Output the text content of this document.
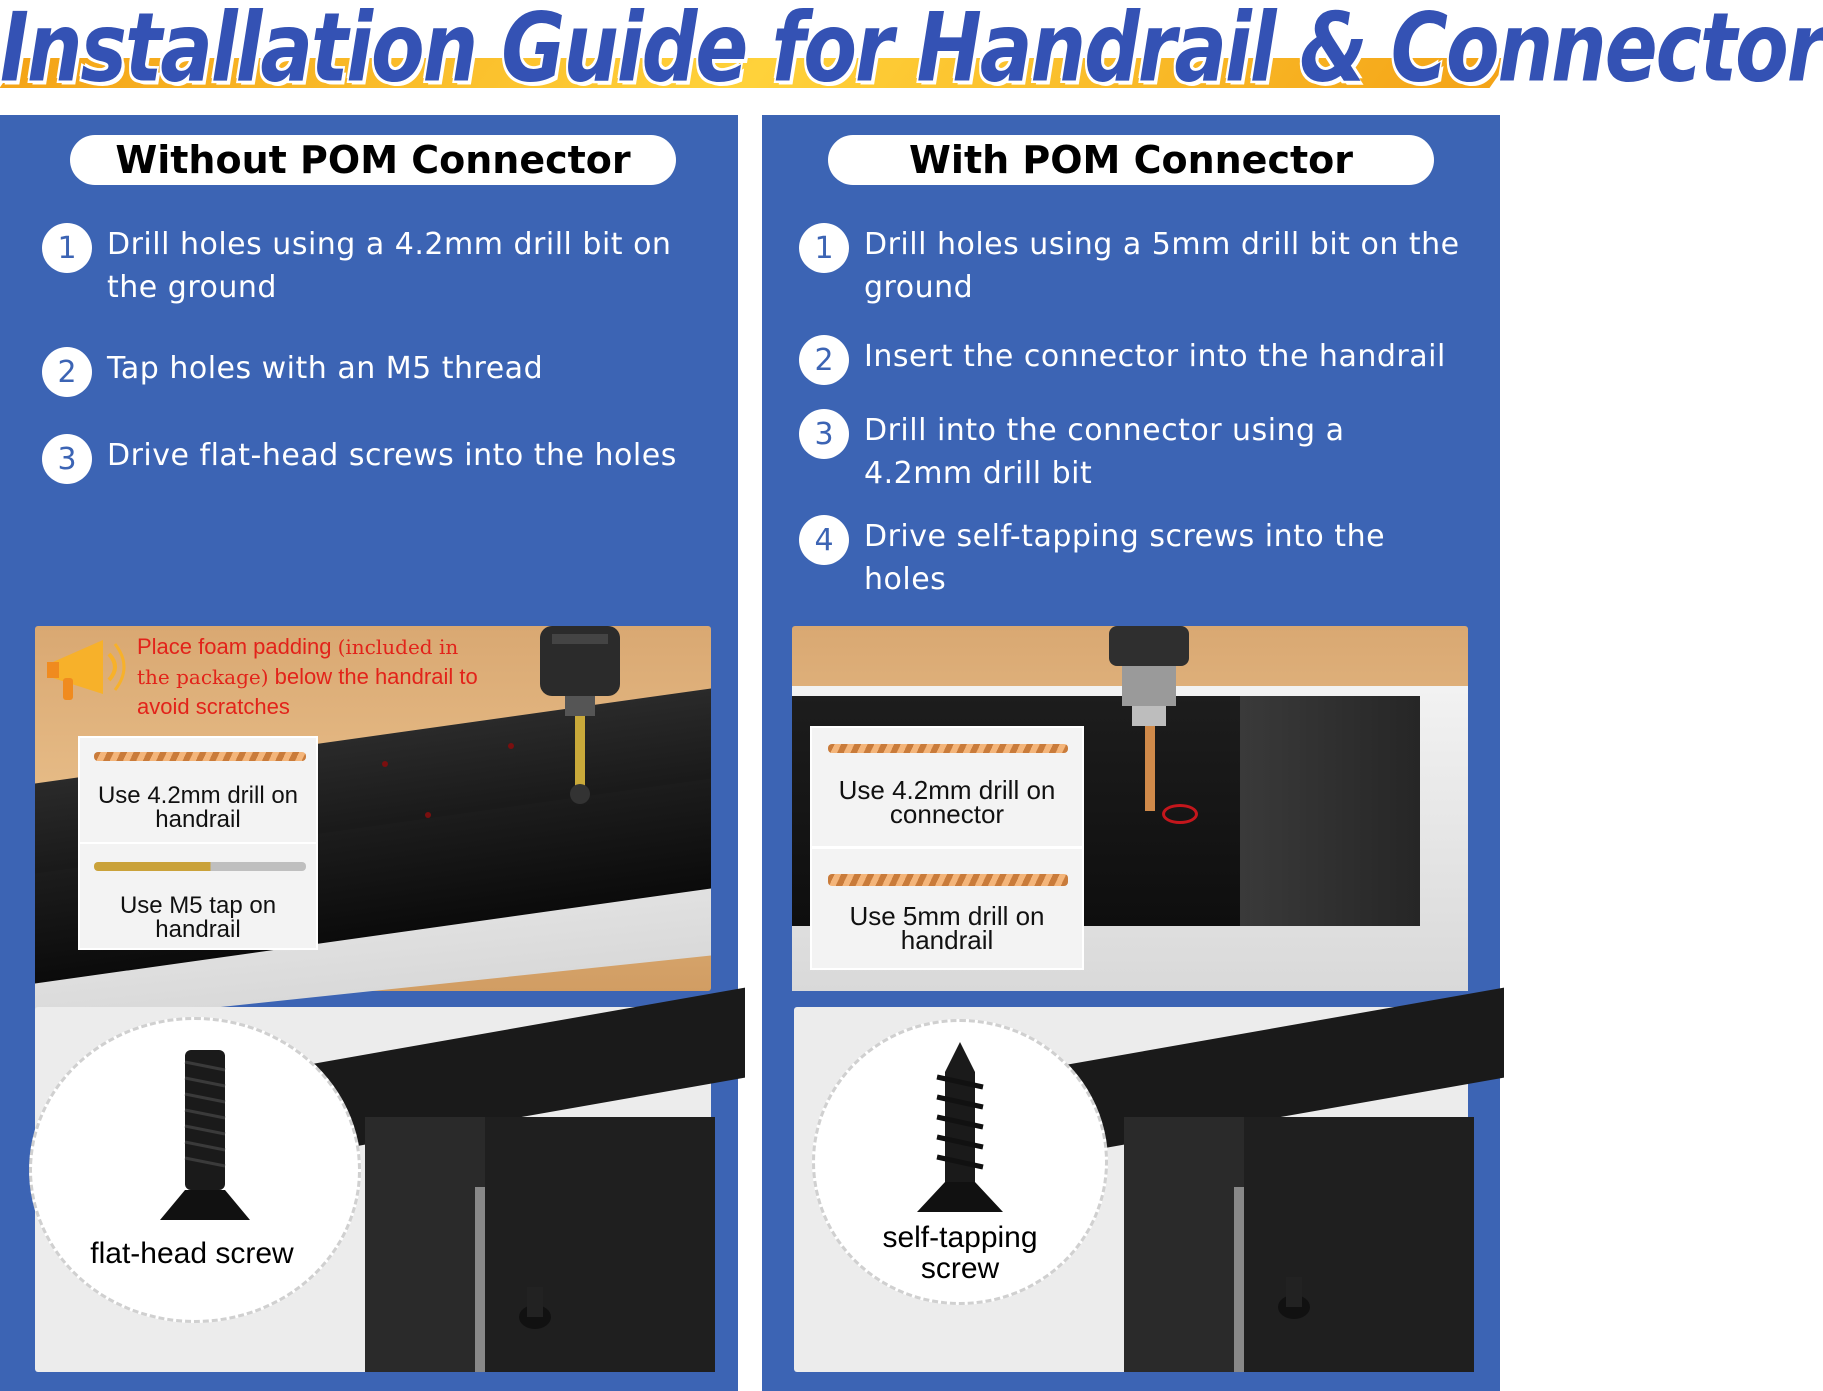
Installation Guide for Handrail & Connector
Without POM Connector
1	Drill holes using a 4.2mm drill bit on the ground
2	Tap holes with an M5 thread
3	Drive flat-head screws into the holes
Place foam padding (included in the package) below the handrail to avoid scratches
Use 4.2mm drill on handrail
Use M5 tap on handrail
flat-head screw
With POM Connector
1	Drill holes using a 5mm drill bit on the ground
2	Insert the connector into the handrail
3	Drill into the connector using a 4.2mm drill bit
4	Drive self-tapping screws into the holes
Use 4.2mm drill on connector
Use 5mm drill on handrail
self-tapping screw
